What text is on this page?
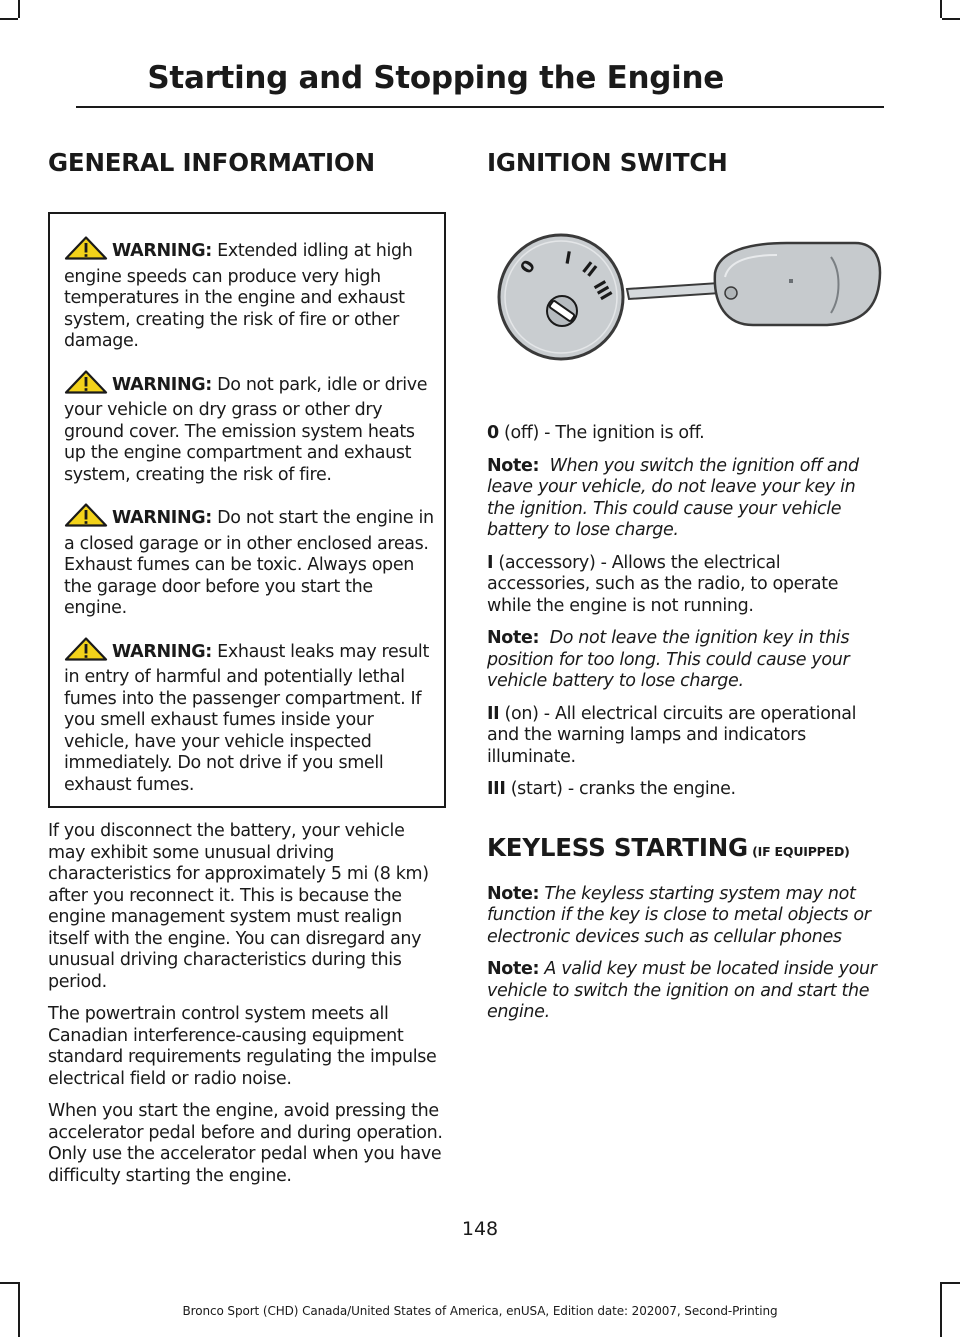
Starting and Stopping the Engine
GENERAL INFORMATION

WARNING: Extended idling at high engine speeds can produce very high temperatures in the engine and exhaust system, creating the risk of fire or other damage.

WARNING: Do not park, idle or drive your vehicle on dry grass or other dry ground cover. The emission system heats up the engine compartment and exhaust system, creating the risk of fire.

WARNING: Do not start the engine in a closed garage or in other enclosed areas. Exhaust fumes can be toxic. Always open the garage door before you start the engine.

WARNING: Exhaust leaks may result in entry of harmful and potentially lethal fumes into the passenger compartment. If you smell exhaust fumes inside your vehicle, have your vehicle inspected immediately. Do not drive if you smell exhaust fumes.

If you disconnect the battery, your vehicle may exhibit some unusual driving characteristics for approximately 5 mi (8 km) after you reconnect it. This is because the engine management system must realign itself with the engine. You can disregard any unusual driving characteristics during this period.

The powertrain control system meets all Canadian interference-causing equipment standard requirements regulating the impulse electrical field or radio noise.

When you start the engine, avoid pressing the accelerator pedal before and during operation. Only use the accelerator pedal when you have difficulty starting the engine.

IGNITION SWITCH
0 I II
III

0 (off) - The ignition is off.

Note: When you switch the ignition off and leave your vehicle, do not leave your key in the ignition. This could cause your vehicle battery to lose charge.

I (accessory) - Allows the electrical accessories, such as the radio, to operate while the engine is not running.

Note: Do not leave the ignition key in this position for too long. This could cause your vehicle battery to lose charge.

II (on) - All electrical circuits are operational and the warning lamps and indicators illuminate.

III (start) - cranks the engine.

KEYLESS STARTING (IF EQUIPPED)

Note: The keyless starting system may not function if the key is close to metal objects or electronic devices such as cellular phones

Note: A valid key must be located inside your vehicle to switch the ignition on and start the engine.

148
Bronco Sport (CHD) Canada/United States of America, enUSA, Edition date: 202007, Second-Printing
